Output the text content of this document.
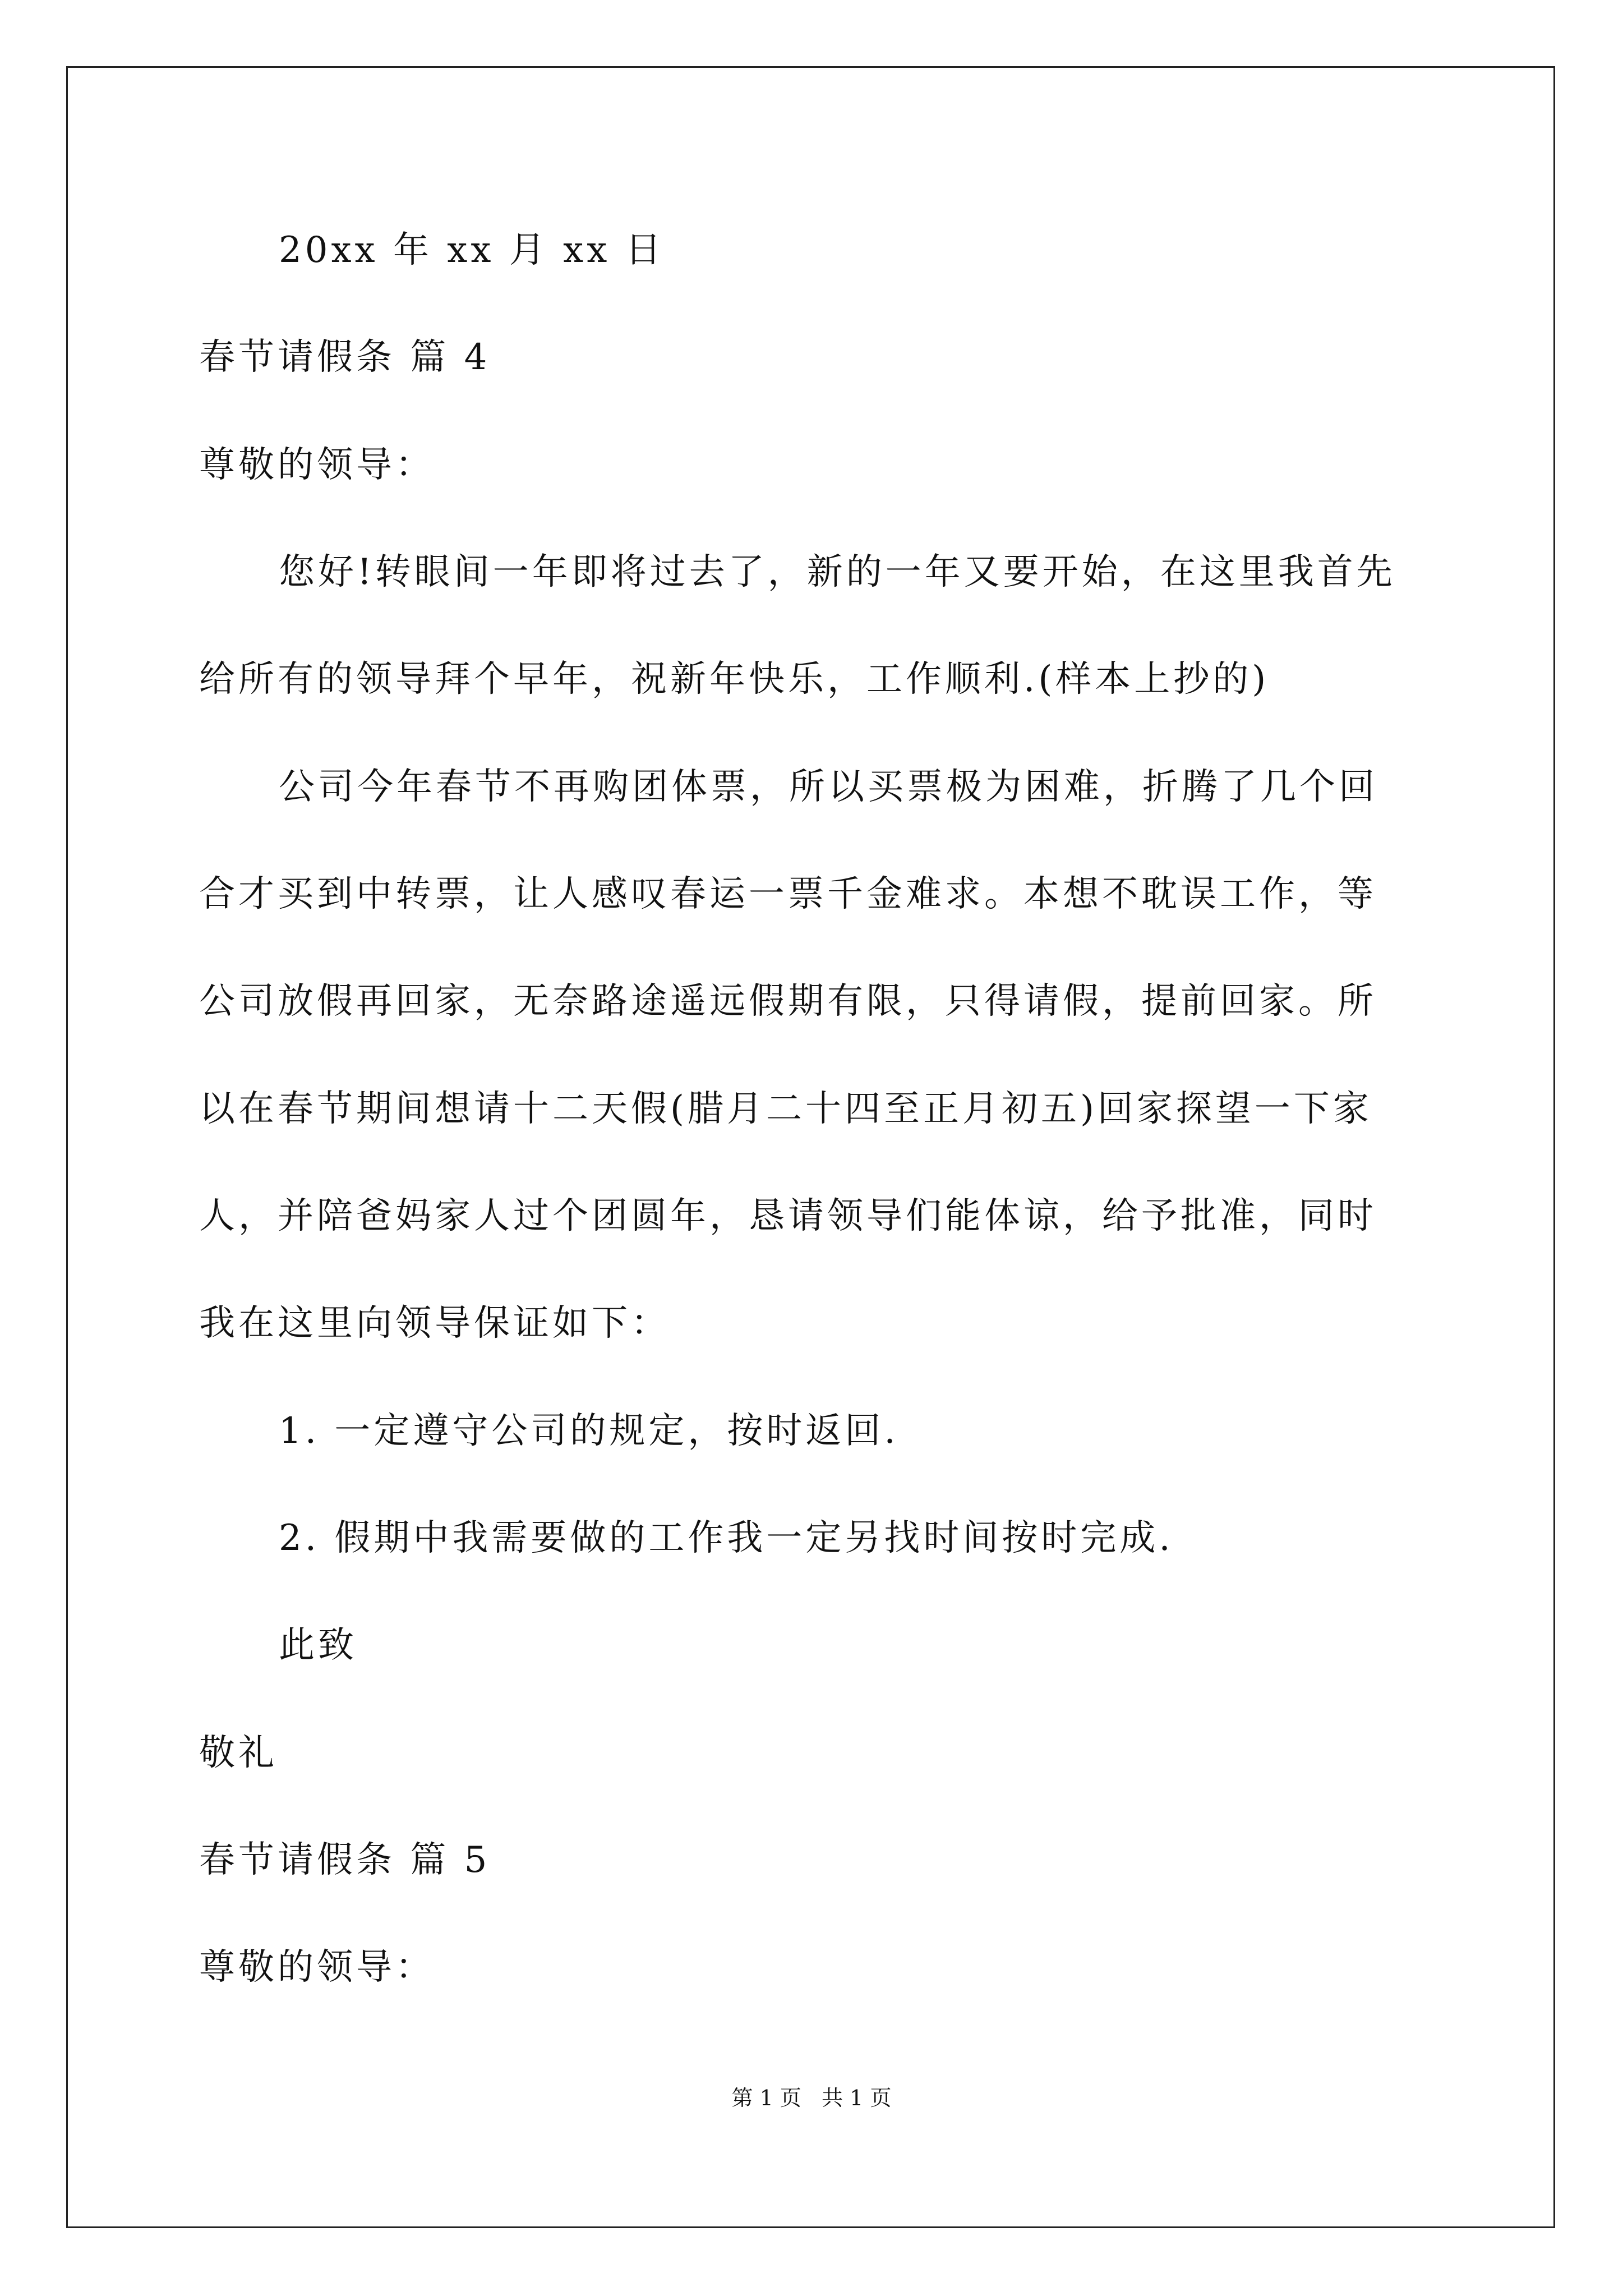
20xx 年 xx 月 xx 日
春节请假条 篇 4
尊敬的领导：
您好!转眼间一年即将过去了，新的一年又要开始，在这里我首先
给所有的领导拜个早年，祝新年快乐，工作顺利.(样本上抄的)
公司今年春节不再购团体票，所以买票极为困难，折腾了几个回
合才买到中转票，让人感叹春运一票千金难求。本想不耽误工作，等
公司放假再回家，无奈路途遥远假期有限，只得请假，提前回家。所
以在春节期间想请十二天假(腊月二十四至正月初五)回家探望一下家
人，并陪爸妈家人过个团圆年，恳请领导们能体谅，给予批准，同时
我在这里向领导保证如下：
1. 一定遵守公司的规定，按时返回.
2. 假期中我需要做的工作我一定另找时间按时完成.
此致
敬礼
春节请假条 篇 5
尊敬的领导：
第 1 页   共 1 页
